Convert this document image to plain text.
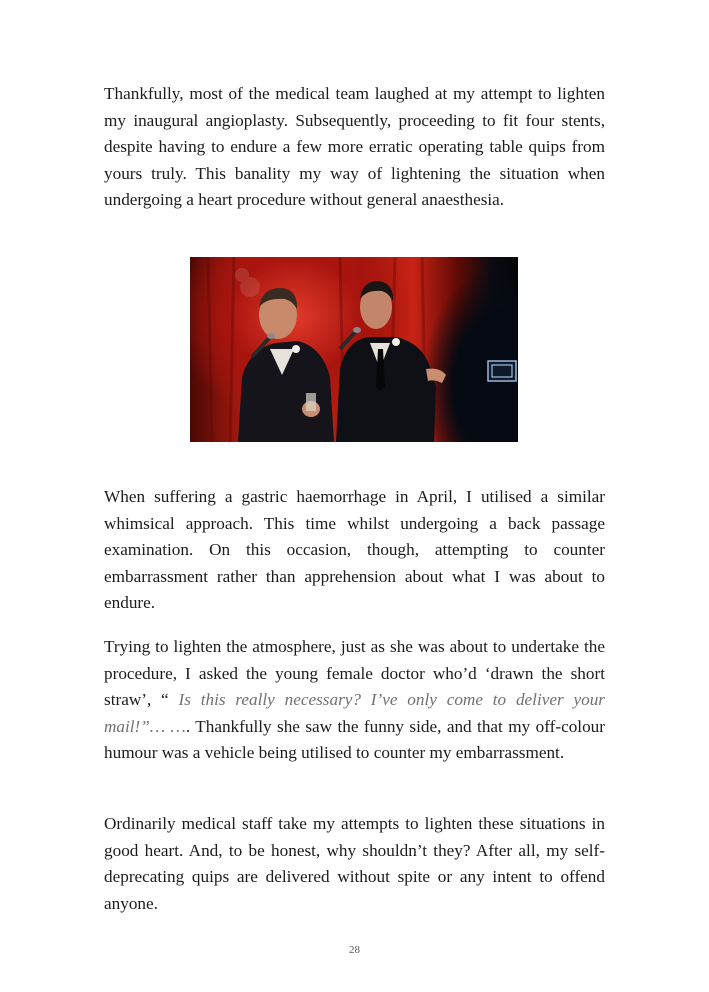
Thankfully, most of the medical team laughed at my attempt to lighten my inaugural angioplasty. Subsequently, proceeding to fit four stents, despite having to endure a few more erratic operating table quips from yours truly. This banality my way of lightening the situation when undergoing a heart procedure without general anaesthesia.

When suffering a gastric haemorrhage in April, I utilised a similar whimsical approach. This time whilst undergoing a back passage examination. On this occasion, though, attempting to counter embarrassment rather than apprehension about what I was about to endure.

Trying to lighten the atmosphere, just as she was about to undertake the procedure, I asked the young female doctor who’d ‘drawn the short straw’, “ Is this really necessary? I’ve only come to deliver your mail!”… …. Thankfully she saw the funny side, and that my off-colour humour was a vehicle being utilised to counter my embarrassment.

Ordinarily medical staff take my attempts to lighten these situations in good heart. And, to be honest, why shouldn’t they? After all, my self-deprecating quips are delivered without spite or any intent to offend anyone.

28
